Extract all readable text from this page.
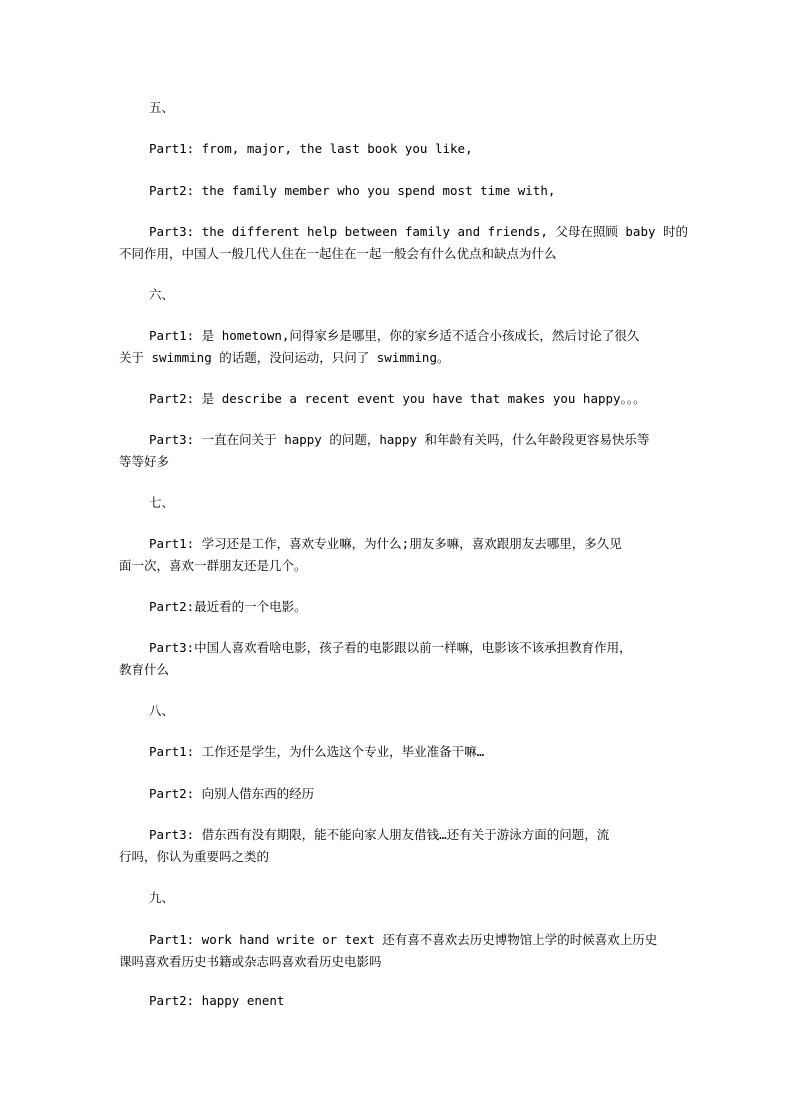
五、
Part1: from, major, the last book you like,
Part2: the family member who you spend most time with,
Part3: the different help between family and friends, 父母在照顾 baby 时的
不同作用，中国人一般几代人住在一起住在一起一般会有什么优点和缺点为什么
六、
Part1: 是 hometown,问得家乡是哪里，你的家乡适不适合小孩成长，然后讨论了很久
关于 swimming 的话题，没问运动，只问了 swimming。
Part2: 是 describe a recent event you have that makes you happy。。。
Part3: 一直在问关于 happy 的问题，happy 和年龄有关吗，什么年龄段更容易快乐等
等等好多
七、
Part1: 学习还是工作，喜欢专业嘛，为什么;朋友多嘛，喜欢跟朋友去哪里，多久见
面一次，喜欢一群朋友还是几个。
Part2:最近看的一个电影。
Part3:中国人喜欢看啥电影，孩子看的电影跟以前一样嘛，电影该不该承担教育作用，
教育什么
八、
Part1: 工作还是学生，为什么选这个专业，毕业准备干嘛…
Part2: 向别人借东西的经历
Part3: 借东西有没有期限，能不能向家人朋友借钱…还有关于游泳方面的问题，流
行吗，你认为重要吗之类的
九、
Part1: work hand write or text 还有喜不喜欢去历史博物馆上学的时候喜欢上历史
课吗喜欢看历史书籍或杂志吗喜欢看历史电影吗
Part2: happy enent
